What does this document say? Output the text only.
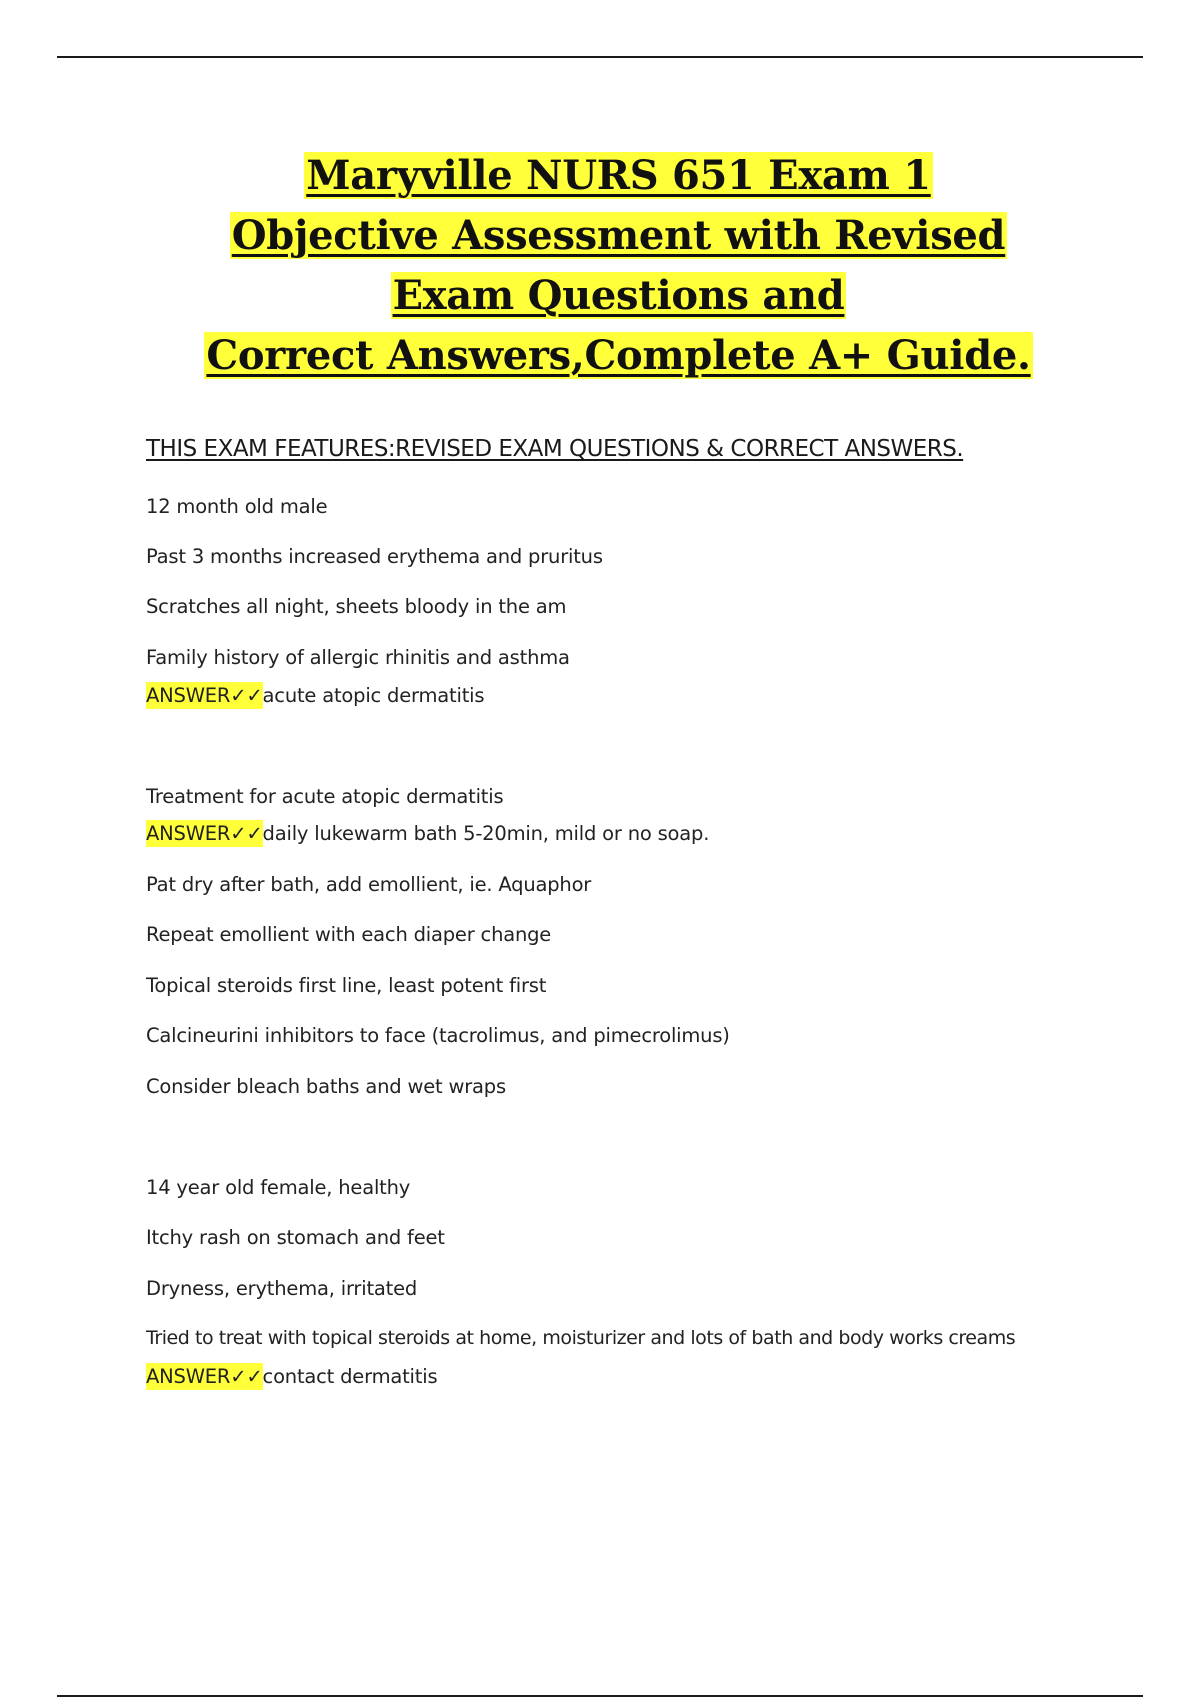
Maryville NURS 651 Exam 1
Objective Assessment with Revised
Exam Questions and
Correct Answers,Complete A+ Guide.
THIS EXAM FEATURES:REVISED EXAM QUESTIONS & CORRECT ANSWERS.
12 month old male
Past 3 months increased erythema and pruritus
Scratches all night, sheets bloody in the am
Family history of allergic rhinitis and asthma
ANSWER✓✓acute atopic dermatitis
Treatment for acute atopic dermatitis
ANSWER✓✓daily lukewarm bath 5-20min, mild or no soap.
Pat dry after bath, add emollient, ie. Aquaphor
Repeat emollient with each diaper change
Topical steroids first line, least potent first
Calcineurini inhibitors to face (tacrolimus, and pimecrolimus)
Consider bleach baths and wet wraps
14 year old female, healthy
Itchy rash on stomach and feet
Dryness, erythema, irritated
Tried to treat with topical steroids at home, moisturizer and lots of bath and body works creams
ANSWER✓✓contact dermatitis
